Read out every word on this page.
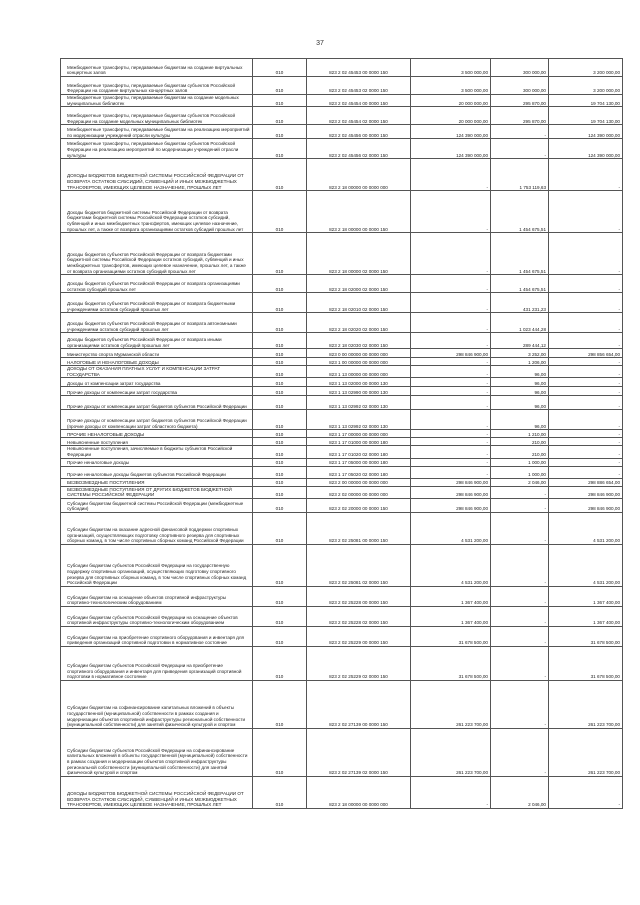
37
Межбюджетные трансферты, передаваемые бюджетам на создание виртуальных концертных залов	010	823 2 02 45453 00 0000 150	3 500 000,00	300 000,00	3 200 000,00
Межбюджетные трансферты, передаваемые бюджетам субъектов Российской Федерации на создание виртуальных концертных залов	010	823 2 02 45453 02 0000 150	3 500 000,00	300 000,00	3 200 000,00
Межбюджетные трансферты, передаваемые бюджетам на создание модельных муниципальных библиотек	010	823 2 02 45454 00 0000 150	20 000 000,00	295 870,00	19 704 130,00
Межбюджетные трансферты, передаваемые бюджетам субъектов Российской Федерации на создание модельных муниципальных библиотек	010	823 2 02 45454 02 0000 150	20 000 000,00	295 870,00	19 704 130,00
Межбюджетные трансферты, передаваемые бюджетам на реализацию мероприятий по модернизации учреждений отрасли культуры	010	823 2 02 45456 00 0000 150	124 390 000,00	-	124 390 000,00
Межбюджетные трансферты, передаваемые бюджетам субъектов Российской Федерации на реализацию мероприятий по модернизации учреждений отрасли культуры	010	823 2 02 45456 02 0000 150	124 390 000,00	-	124 390 000,00
ДОХОДЫ БЮДЖЕТОВ БЮДЖЕТНОЙ СИСТЕМЫ РОССИЙСКОЙ ФЕДЕРАЦИИ ОТ ВОЗВРАТА ОСТАТКОВ СУБСИДИЙ, СУБВЕНЦИЙ И ИНЫХ МЕЖБЮДЖЕТНЫХ ТРАНСФЕРТОВ, ИМЕЮЩИХ ЦЕЛЕВОЕ НАЗНАЧЕНИЕ, ПРОШЛЫХ ЛЕТ	010	823 2 18 00000 00 0000 000	-	1 753 119,63	-
Доходы бюджетов бюджетной системы Российской Федерации от возврата бюджетами бюджетной системы Российской Федерации остатков субсидий, субвенций и иных межбюджетных трансфертов, имеющих целевое назначение, прошлых лет, а также от возврата организациями остатков субсидий прошлых лет	010	823 2 18 00000 00 0000 150	-	1 454 675,51	-
Доходы бюджетов субъектов Российской Федерации от возврата бюджетами бюджетной системы Российской Федерации остатков субсидий, субвенций и иных межбюджетных трансфертов, имеющих целевое назначение, прошлых лет, а также от возврата организациями остатков субсидий прошлых лет	010	823 2 18 00000 02 0000 150	-	1 454 675,51	-
Доходы бюджетов субъектов Российской Федерации от возврата организациями остатков субсидий прошлых лет	010	823 2 18 02000 02 0000 150	-	1 454 675,51	-
Доходы бюджетов субъектов Российской Федерации от возврата бюджетными учреждениями остатков субсидий прошлых лет	010	823 2 18 02010 02 0000 150	-	431 231,23	-
Доходы бюджетов субъектов Российской Федерации от возврата автономными учреждениями остатков субсидий прошлых лет	010	823 2 18 02020 02 0000 150	-	1 023 444,28	-
Доходы бюджетов субъектов Российской Федерации от возврата иными организациями остатков субсидий прошлых лет	010	823 2 18 02030 02 0000 150	-	289 444,12	-
Министерство спорта Мурманской области	010	823 0 00 00000 00 0000 000	298 846 900,00	3 252,00	298 856 654,00
НАЛОГОВЫЕ И НЕНАЛОГОВЫЕ ДОХОДЫ	010	823 1 00 00000 00 0000 000	-	1 206,00	-
ДОХОДЫ ОТ ОКАЗАНИЯ ПЛАТНЫХ УСЛУГ И КОМПЕНСАЦИИ ЗАТРАТ ГОСУДАРСТВА	010	823 1 13 00000 00 0000 000	-	96,00	-
Доходы от компенсации затрат государства	010	823 1 13 02000 00 0000 130	-	96,00	-
Прочие доходы от компенсации затрат государства	010	823 1 13 02990 00 0000 130	-	96,00	-
Прочие доходы от компенсации затрат бюджетов субъектов Российской Федерации	010	823 1 13 02992 02 0000 130	-	96,00	-
Прочие доходы от компенсации затрат бюджетов субъектов Российской Федерации (прочие доходы от компенсации затрат областного бюджета)	010	823 1 13 02992 02 0000 130	-	96,00	-
ПРОЧИЕ НЕНАЛОГОВЫЕ ДОХОДЫ	010	823 1 17 00000 00 0000 000	-	1 210,00	-
Невыясненные поступления	010	823 1 17 01000 00 0000 180	-	210,00	-
Невыясненные поступления, зачисляемые в бюджеты субъектов Российской Федерации	010	823 1 17 01020 02 0000 180	-	210,00	-
Прочие неналоговые доходы	010	823 1 17 05000 00 0000 180	-	1 000,00	-
Прочие неналоговые доходы бюджетов субъектов Российской Федерации	010	823 1 17 05020 02 0000 180	-	1 000,00	-
БЕЗВОЗМЕЗДНЫЕ ПОСТУПЛЕНИЯ	010	823 2 00 00000 00 0000 000	298 846 900,00	2 046,00	298 886 654,00
БЕЗВОЗМЕЗДНЫЕ ПОСТУПЛЕНИЯ ОТ ДРУГИХ БЮДЖЕТОВ БЮДЖЕТНОЙ СИСТЕМЫ РОССИЙСКОЙ ФЕДЕРАЦИИ	010	823 2 02 00000 00 0000 000	298 846 900,00	-	298 846 900,00
Субсидии бюджетам бюджетной системы Российской Федерации (межбюджетные субсидии)	010	823 2 02 20000 00 0000 150	298 846 900,00	-	298 846 900,00
Субсидии бюджетам на оказание адресной финансовой поддержки спортивных организаций, осуществляющих подготовку спортивного резерва для спортивных сборных команд, в том числе спортивных сборных команд Российской Федерации	010	823 2 02 25081 00 0000 150	4 531 200,00	-	4 531 200,00
Субсидии бюджетам субъектов Российской Федерации на государственную поддержку спортивных организаций, осуществляющих подготовку спортивного резерва для спортивных сборных команд, в том числе спортивных сборных команд Российской Федерации	010	823 2 02 25081 02 0000 150	4 531 200,00	-	4 531 200,00
Субсидии бюджетам на оснащение объектов спортивной инфраструктуры спортивно-технологическим оборудованием	010	823 2 02 25228 00 0000 150	1 367 400,00	-	1 367 400,00
Субсидии бюджетам субъектов Российской Федерации на оснащение объектов спортивной инфраструктуры спортивно-технологическим оборудованием	010	823 2 02 25228 02 0000 150	1 367 400,00	-	1 367 400,00
Субсидии бюджетам на приобретение спортивного оборудования и инвентаря для приведения организаций спортивной подготовки в нормативное состояние	010	823 2 02 25229 00 0000 150	31 678 500,00	-	31 678 500,00
Субсидии бюджетам субъектов Российской Федерации на приобретение спортивного оборудования и инвентаря для приведения организаций спортивной подготовки в нормативное состояние	010	823 2 02 25229 02 0000 150	31 678 500,00	-	31 678 500,00
Субсидии бюджетам на софинансирование капитальных вложений в объекты государственной (муниципальной) собственности в рамках создания и модернизации объектов спортивной инфраструктуры региональной собственности (муниципальной собственности) для занятий физической культурой и спортом	010	823 2 02 27139 00 0000 150	261 223 700,00	-	261 223 700,00
Субсидии бюджетам субъектов Российской Федерации на софинансирование капитальных вложений в объекты государственной (муниципальной) собственности в рамках создания и модернизации объектов спортивной инфраструктуры региональной собственности (муниципальной собственности) для занятий физической культурой и спортом	010	823 2 02 27139 02 0000 150	261 223 700,00	-	261 223 700,00
ДОХОДЫ БЮДЖЕТОВ БЮДЖЕТНОЙ СИСТЕМЫ РОССИЙСКОЙ ФЕДЕРАЦИИ ОТ ВОЗВРАТА ОСТАТКОВ СУБСИДИЙ, СУБВЕНЦИЙ И ИНЫХ МЕЖБЮДЖЕТНЫХ ТРАНСФЕРТОВ, ИМЕЮЩИХ ЦЕЛЕВОЕ НАЗНАЧЕНИЕ, ПРОШЛЫХ ЛЕТ	010	823 2 18 00000 00 0000 000	-	2 046,00	-
